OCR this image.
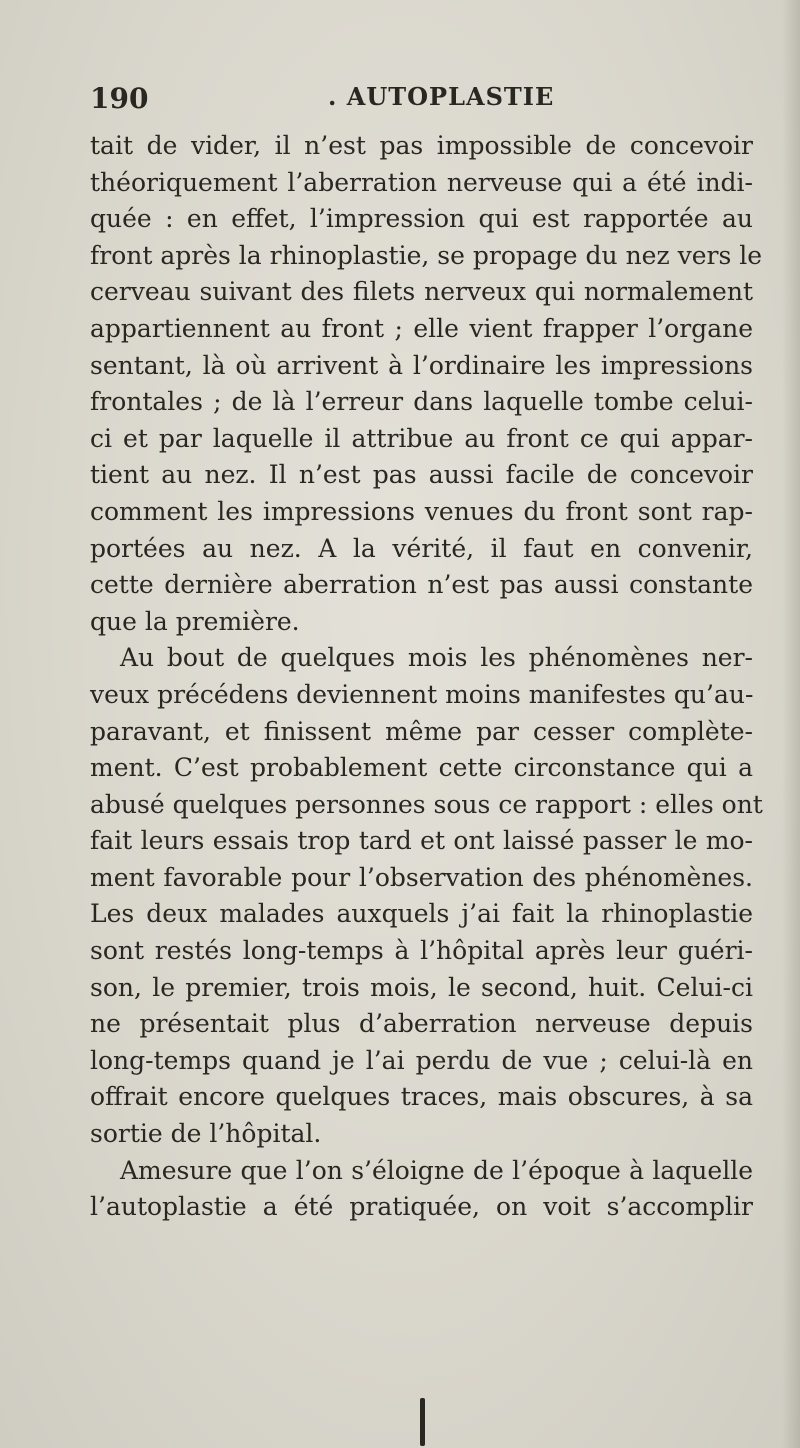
190	. AUTOPLASTIE
tait de vider, il n’est pas impossible de concevoir
théoriquement l’aberration nerveuse qui a été indi-
quée : en effet, l’impression qui est rapportée au
front après la rhinoplastie, se propage du nez vers le
cerveau suivant des filets nerveux qui normalement
appartiennent au front ; elle vient frapper l’organe
sentant, là où arrivent à l’ordinaire les impressions
frontales ; de là l’erreur dans laquelle tombe celui-
ci et par laquelle il attribue au front ce qui appar-
tient au nez. Il n’est pas aussi facile de concevoir
comment les impressions venues du front sont rap-
portées au nez. A la vérité, il faut en convenir,
cette dernière aberration n’est pas aussi constante
que la première.
Au bout de quelques mois les phénomènes ner-
veux précédens deviennent moins manifestes qu’au-
paravant, et finissent même par cesser complète-
ment. C’est probablement cette circonstance qui a
abusé quelques personnes sous ce rapport : elles ont
fait leurs essais trop tard et ont laissé passer le mo-
ment favorable pour l’observation des phénomènes.
Les deux malades auxquels j’ai fait la rhinoplastie
sont restés long-temps à l’hôpital après leur guéri-
son, le premier, trois mois, le second, huit. Celui-ci
ne présentait plus d’aberration nerveuse depuis
long-temps quand je l’ai perdu de vue ; celui-là en
offrait encore quelques traces, mais obscures, à sa
sortie de l’hôpital.
Amesure que l’on s’éloigne de l’époque à laquelle
l’autoplastie a été pratiquée, on voit s’accomplir
